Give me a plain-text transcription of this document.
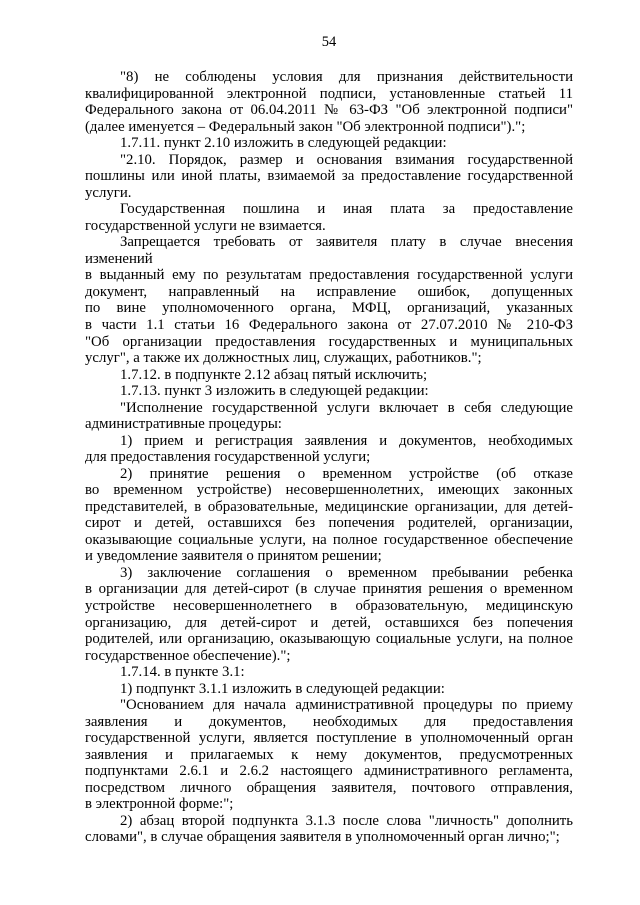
54
"8) не соблюдены условия для признания действительности
квалифицированной электронной подписи, установленные статьей 11
Федерального закона от 06.04.2011 № 63-ФЗ "Об электронной подписи"
(далее именуется – Федеральный закон "Об электронной подписи").";
1.7.11. пункт 2.10 изложить в следующей редакции:
"2.10. Порядок, размер и основания взимания государственной
пошлины или иной платы, взимаемой за предоставление государственной
услуги.
Государственная пошлина и иная плата за предоставление
государственной услуги не взимается.
Запрещается требовать от заявителя плату в случае внесения изменений
в выданный ему по результатам предоставления государственной услуги
документ, направленный на исправление ошибок, допущенных
по вине уполномоченного органа, МФЦ, организаций, указанных
в части 1.1 статьи 16 Федерального закона от 27.07.2010 № 210-ФЗ
"Об организации предоставления государственных и муниципальных
услуг", а также их должностных лиц, служащих, работников.";
1.7.12. в подпункте 2.12 абзац пятый исключить;
1.7.13. пункт 3 изложить в следующей редакции:
"Исполнение государственной услуги включает в себя следующие
административные процедуры:
1) прием и регистрация заявления и документов, необходимых
для предоставления государственной услуги;
2) принятие решения о временном устройстве (об отказе
во временном устройстве) несовершеннолетних, имеющих законных
представителей, в образовательные, медицинские организации, для детей-
сирот и детей, оставшихся без попечения родителей, организации,
оказывающие социальные услуги, на полное государственное обеспечение
и уведомление заявителя о принятом решении;
3) заключение соглашения о временном пребывании ребенка
в организации для детей-сирот (в случае принятия решения о временном
устройстве несовершеннолетнего в образовательную, медицинскую
организацию, для детей-сирот и детей, оставшихся без попечения
родителей, или организацию, оказывающую социальные услуги, на полное
государственное обеспечение).";
1.7.14. в пункте 3.1:
1) подпункт 3.1.1 изложить в следующей редакции:
"Основанием для начала административной процедуры по приему
заявления и документов, необходимых для предоставления
государственной услуги, является поступление в уполномоченный орган
заявления и прилагаемых к нему документов, предусмотренных
подпунктами 2.6.1 и 2.6.2 настоящего административного регламента,
посредством личного обращения заявителя, почтового отправления,
в электронной форме:";
2) абзац второй подпункта 3.1.3 после слова "личность" дополнить
словами", в случае обращения заявителя в уполномоченный орган лично;";
